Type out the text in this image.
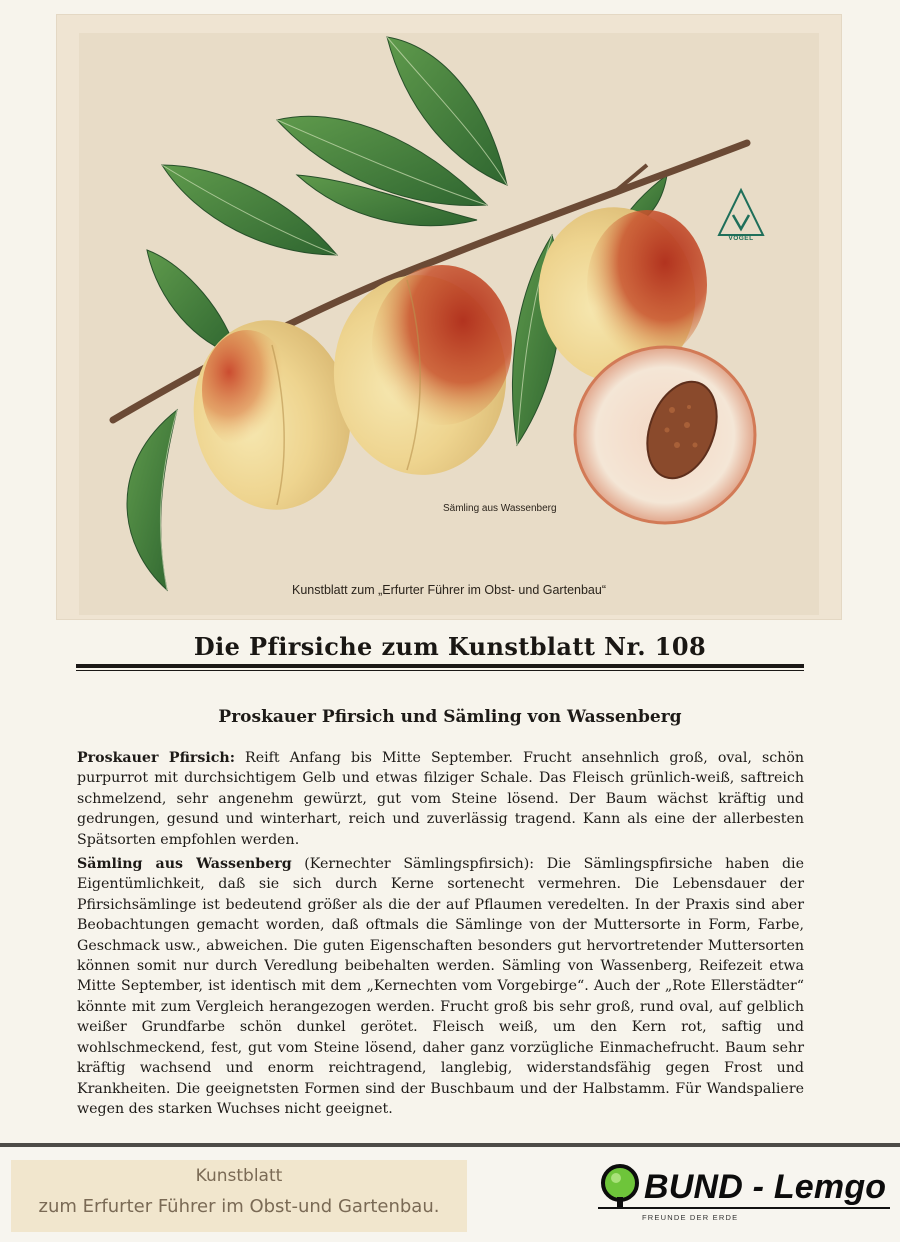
VOGEL
Sämling aus Wassenberg
Kunstblatt zum „Erfurter Führer im Obst- und Gartenbau“
Die Pfirsiche zum Kunstblatt Nr. 108
Proskauer Pfirsich und Sämling von Wassenberg

Proskauer Pfirsich: Reift Anfang bis Mitte September. Frucht ansehnlich groß, oval, schön purpurrot mit durchsichtigem Gelb und etwas filziger Schale. Das Fleisch grünlich-weiß, saftreich schmelzend, sehr angenehm gewürzt, gut vom Steine lösend. Der Baum wächst kräftig und gedrungen, gesund und winterhart, reich und zuverlässig tragend. Kann als eine der allerbesten Spätsorten empfohlen werden.

Sämling aus Wassenberg (Kernechter Sämlingspfirsich): Die Sämlingspfirsiche haben die Eigentümlichkeit, daß sie sich durch Kerne sortenecht vermehren. Die Lebensdauer der Pfirsichsämlinge ist bedeutend größer als die der auf Pflaumen veredelten. In der Praxis sind aber Beobachtungen gemacht worden, daß oftmals die Sämlinge von der Muttersorte in Form, Farbe, Geschmack usw., abweichen. Die guten Eigenschaften besonders gut hervortretender Muttersorten können somit nur durch Veredlung beibehalten werden. Sämling von Wassenberg, Reifezeit etwa Mitte September, ist identisch mit dem „Kernechten vom Vorgebirge“. Auch der „Rote Ellerstädter“ könnte mit zum Vergleich herangezogen werden. Frucht groß bis sehr groß, rund oval, auf gelblich weißer Grundfarbe schön dunkel gerötet. Fleisch weiß, um den Kern rot, saftig und wohlschmeckend, fest, gut vom Steine lösend, daher ganz vorzügliche Einmachefrucht. Baum sehr kräftig wachsend und enorm reichtragend, langlebig, widerstandsfähig gegen Frost und Krankheiten. Die geeignetsten Formen sind der Buschbaum und der Halbstamm. Für Wandspaliere wegen des starken Wuchses nicht geeignet.

Kunstblatt
zum Erfurter Führer im Obst-und Gartenbau.
BUND - Lemgo
FREUNDE DER ERDE
